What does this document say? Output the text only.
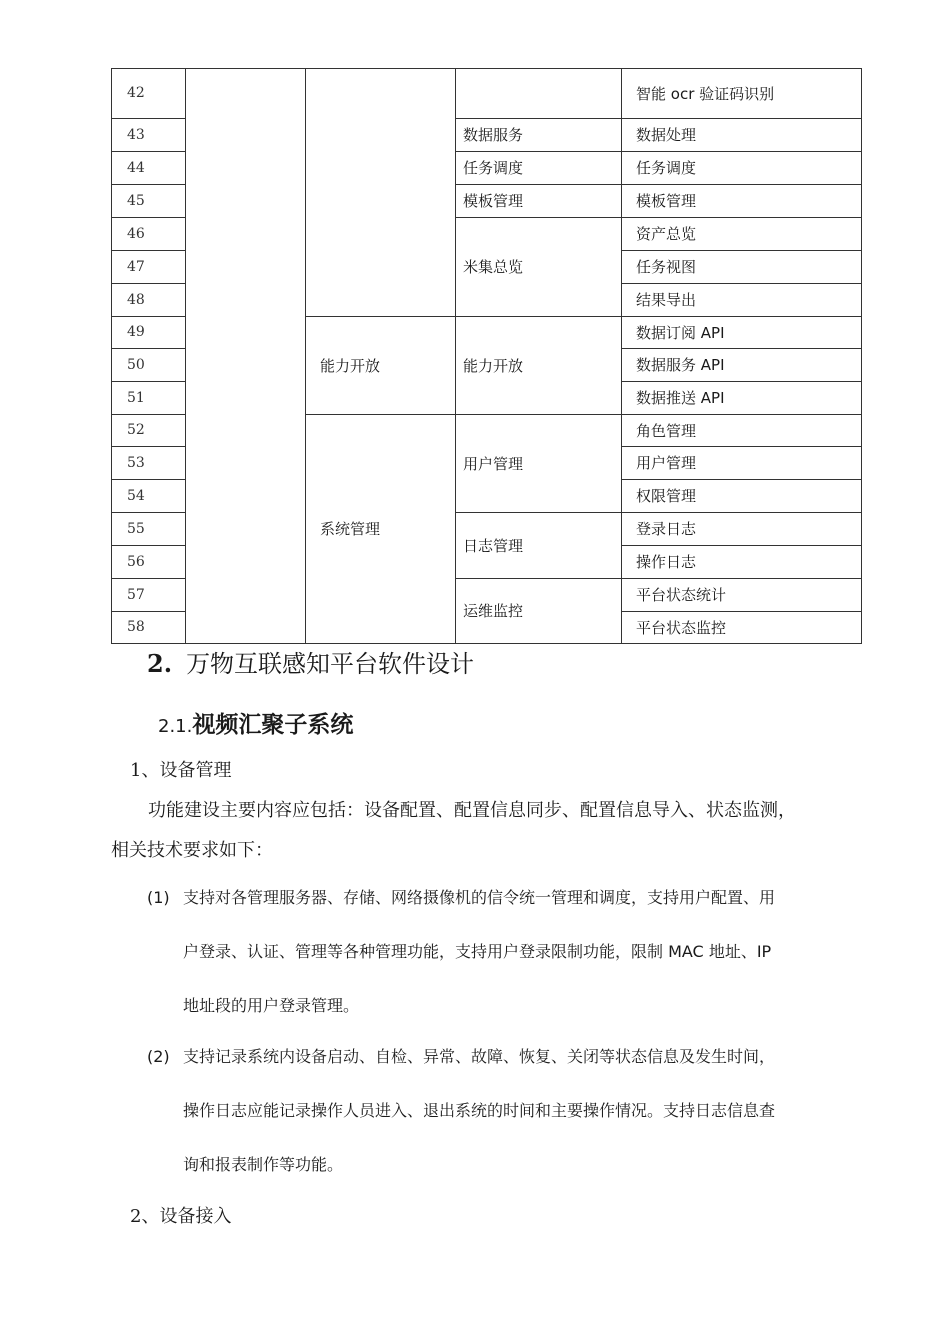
42				智能 ocr 验证码识别
43			数据服务	数据处理
44			任务调度	任务调度
45			模板管理	模板管理
46			米集总览	资产总览
47				任务视图
48				结果导出
49		能力开放	能力开放	数据订阅 API
50				数据服务 API
51				数据推送 API
52		系统管理	用户管理	角色管理
53				用户管理
54				权限管理
55			日志管理	登录日志
56				操作日志
57			运维监控	平台状态统计
58				平台状态监控
2. 万物互联感知平台软件设计
2.1.视频汇聚子系统
1、设备管理
功能建设主要内容应包括：设备配置、配置信息同步、配置信息导入、状态监测，
相关技术要求如下：
(1) 支持对各管理服务器、存储、网络摄像机的信令统一管理和调度，支持用户配置、用
户登录、认证、管理等各种管理功能，支持用户登录限制功能，限制 MAC 地址、IP
地址段的用户登录管理。
(2) 支持记录系统内设备启动、自检、异常、故障、恢复、关闭等状态信息及发生时间，
操作日志应能记录操作人员进入、退出系统的时间和主要操作情况。支持日志信息查
询和报表制作等功能。
2、设备接入
